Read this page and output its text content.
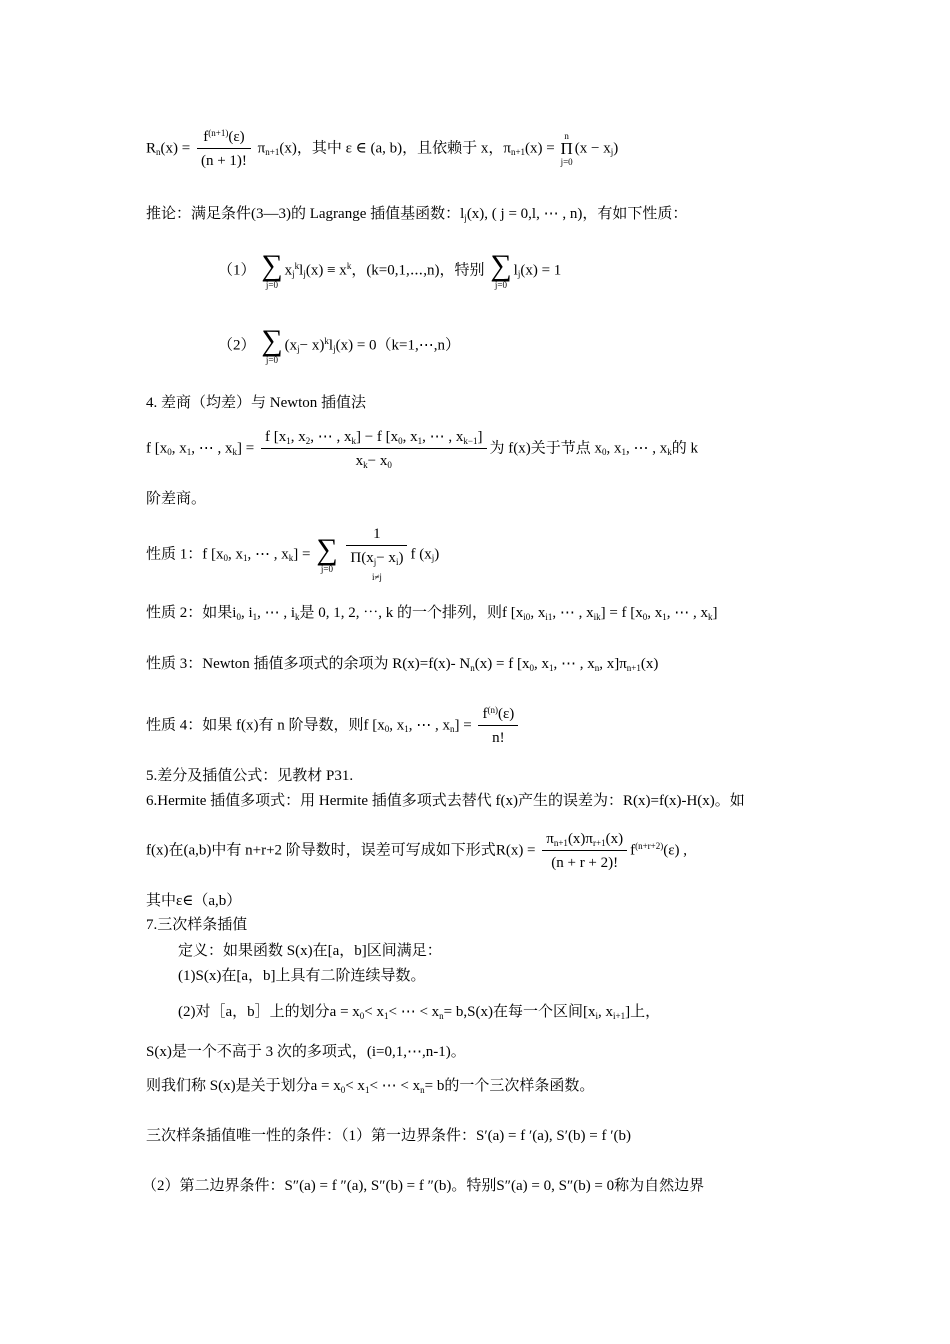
$R_n(x) = \frac{f^{(n+1)}(\varepsilon)}{(n + 1)!} \pi_{n+1}(x)$，其中 ε ∈ (a, b)，且依赖于 x，$\pi_{n+1}(x)$ =
n
Π
j=0
$(x - x_j)$
推论：满足条件(3—3)的 Lagrange 插值基函数：$l_j(x)$, ( j = 0,l, ⋯ , n)，有如下性质：
（1） ∑
j=0
$x_j^kl_j(x) \equiv x^k$，(k=0,1,⋯,n)，特别 ∑
j=0
$l_j(x) = 1$
（2） ∑
j=0
$(x_j- x)^kl_j(x)$ = 0（k=1,⋯,n）
4. 差商（均差）与 Newton 插值法
f [$x_0$, $x_1$, ⋯ , $x_k] = \frac{f [x_1, x_2, \cdots , x_k] - f [x_0, x_1, \cdots , x_{k-1}]}{x_k- x_0}$ 为 f(x)关于节点 $x_0$, $x_1$, ⋯ , $x_k$的 k
阶差商。
性质 1：f [$x_0$, $x_1$, ⋯ , $x_k$] = ∑
j=0

1
$\Pi(x_j- x_i)$
i≠j
f $(x_j)$
性质 2：如果$i_0$, $i_1$, ⋯ , $i_k$是 0, 1, 2, ⋯, k 的一个排列，则f [$x_{i0}$, $x_{i1}$, ⋯ , $x_{ik}] = f$ [$x_0$, $x_1$, ⋯ , $x_k$]
性质 3：Newton 插值多项式的余项为 R(x)=f(x)- $N_n(x) = f$ [$x_0$, $x_1$, ⋯ , $x_n$, $x]\pi_{n+1}(x)$
性质 4：如果 f(x)有 n 阶导数，则f [$x_0$, $x_1$, ⋯ , $x_n] = \frac{f^{(n)}(\varepsilon)}{n!}$
5.差分及插值公式：见教材 P31.
6.Hermite 插值多项式：用 Hermite 插值多项式去替代 f(x)产生的误差为：R(x)=f(x)-H(x)。如
f(x)在(a,b)中有 n+r+2 阶导数时，误差可写成如下形式$R(x) = \frac{\pi_{n+1}(x)\pi_{r+1}(x)}{(n + r + 2)!} f^{(n+r+2)}(\varepsilon)$ ,
其中ε∈（a,b）
7.三次样条插值
定义：如果函数 S(x)在[a，b]区间满足：
(1)S(x)在[a，b]上具有二阶连续导数。
(2)对［a，b］上的划分$a = x_0< x_1<$ ⋯ < $x_n= b,S(x)$在每一个区间[$x_i$, $x_{i+1}$]上，
S(x)是一个不高于 3 次的多项式，(i=0,1,⋯,n-1)。
则我们称 S(x)是关于划分$a = x_0< x_1<$ ⋯ < $x_n= b$的一个三次样条函数。
三次样条插值唯一性的条件：（1）第一边界条件：S′(a) = f ′(a), S′(b) = f ′(b)
（2）第二边界条件：S″(a) = f ″(a), S″(b) = f ″(b)。特别S″(a) = 0, S″(b) = 0称为自然边界
